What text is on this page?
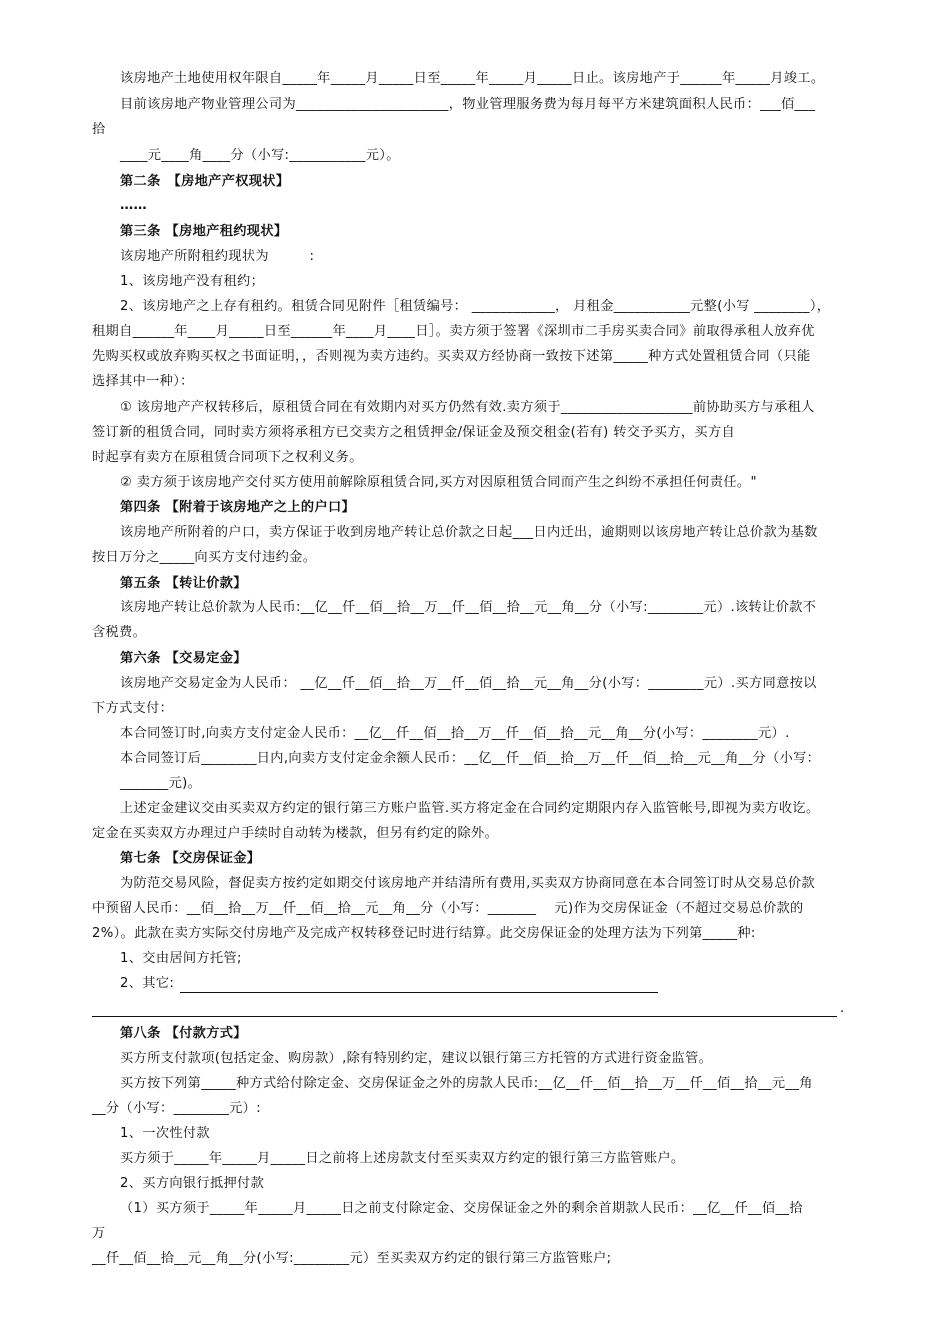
该房地产土地使用权年限自_____年_____月_____日至_____年_____月_____日止。该房地产于______年_____月竣工。
目前该房地产物业管理公司为______________________，物业管理服务费为每月每平方米建筑面积人民币：___佰___
拾
____元____角____分（小写:___________元）。
第二条　【房地产产权现状】
……
第三条 【房地产租约现状】
该房地产所附租约现状为　　　:
1、该房地产没有租约；
2、该房地产之上存有租约。租赁合同见附件［租赁编号： ____________， 月租金___________元整(小写 ________），
租期自______年____月_____日至______年____月____日］。卖方须于签署《深圳市二手房买卖合同》前取得承租人放弃优
先购买权或放弃购买权之书面证明，，否则视为卖方违约。买卖双方经协商一致按下述第_____种方式处置租赁合同（只能
选择其中一种）：
① 该房地产产权转移后，原租赁合同在有效期内对买方仍然有效.卖方须于___________________前协助买方与承租人
签订新的租赁合同，同时卖方须将承租方已交卖方之租赁押金/保证金及预交租金(若有) 转交予买方，买方自
时起享有卖方在原租赁合同项下之权利义务。
② 卖方须于该房地产交付买方使用前解除原租赁合同,买方对因原租赁合同而产生之纠纷不承担任何责任。"
第四条 【附着于该房地产之上的户口】
该房地产所附着的户口，卖方保证于收到房地产转让总价款之日起___日内迁出，逾期则以该房地产转让总价款为基数
按日万分之_____向买方支付违约金。
第五条 【转让价款】
该房地产转让总价款为人民币:__亿__仟__佰__拾__万__仟__佰__拾__元__角__分（小写:________元）.该转让价款不
含税费。
第六条 【交易定金】
该房地产交易定金为人民币： __亿__仟__佰__拾__万__仟__佰__拾__元__角__分(小写：________元）.买方同意按以
下方式支付：
本合同签订时,向卖方支付定金人民币：__亿__仟__佰__拾__万__仟__佰__拾__元__角__分(小写：________元）.
本合同签订后________日内,向卖方支付定金余额人民币：__亿__仟__佰__拾__万__仟__佰__拾__元__角__分（小写：
_______元)。
上述定金建议交由买卖双方约定的银行第三方账户监管.买方将定金在合同约定期限内存入监管帐号,即视为卖方收讫。
定金在买卖双方办理过户手续时自动转为楼款，但另有约定的除外。
第七条 【交房保证金】
为防范交易风险，督促卖方按约定如期交付该房地产并结清所有费用,买卖双方协商同意在本合同签订时从交易总价款
中预留人民币：__佰__拾__万__仟__佰__拾__元__角__分（小写：_______　 元)作为交房保证金（不超过交易总价款的
2%）。此款在卖方实际交付房地产及完成产权转移登记时进行结算。此交房保证金的处理方法为下列第_____种:
1、交由居间方托管;
2、其它:
.
第八条 【付款方式】
买方所支付款项(包括定金、购房款）,除有特别约定，建议以银行第三方托管的方式进行资金监管。
买方按下列第_____种方式给付除定金、交房保证金之外的房款人民币:__亿__仟__佰__拾__万__仟__佰__拾__元__角
__分（小写：________元）:
1、一次性付款
买方须于_____年_____月_____日之前将上述房款支付至买卖双方约定的银行第三方监管账户。
2、买方向银行抵押付款
（1）买方须于_____年_____月_____日之前支付除定金、交房保证金之外的剩余首期款人民币：__亿__仟__佰__拾
万
__仟__佰__拾__元__角__分(小写:________元）至买卖双方约定的银行第三方监管账户;
